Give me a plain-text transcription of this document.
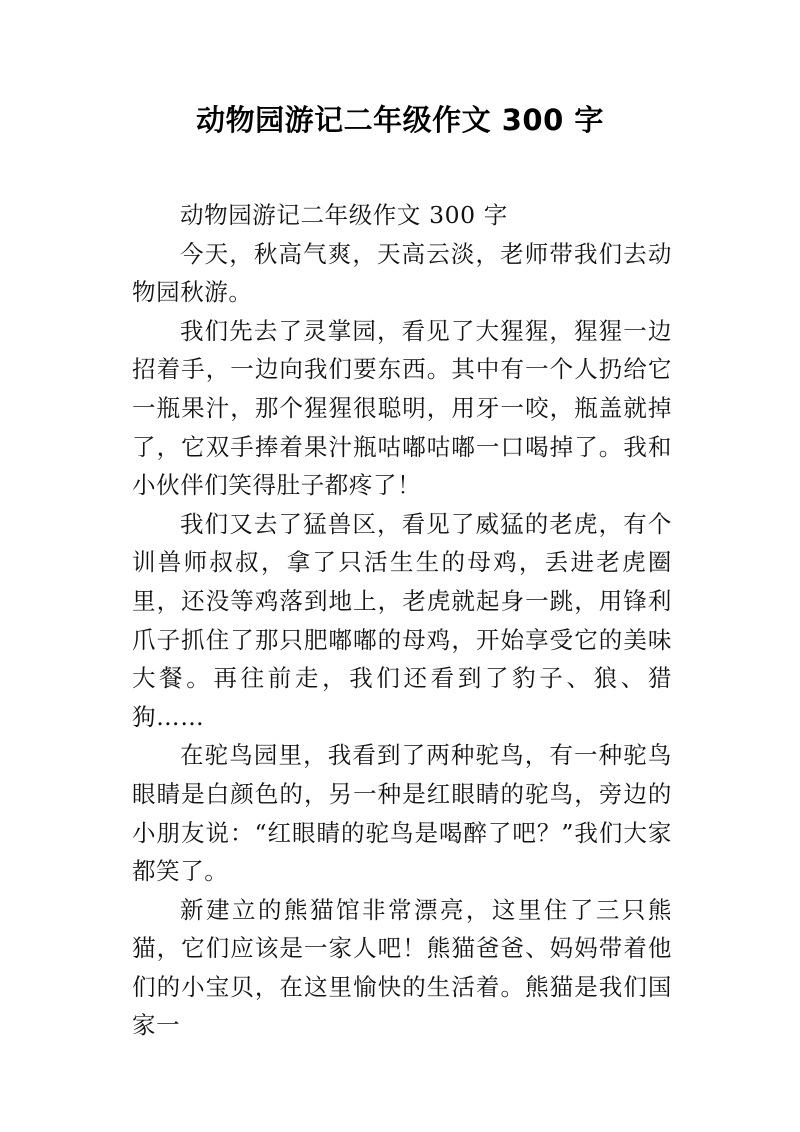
动物园游记二年级作文 300 字

动物园游记二年级作文 300 字

今天，秋高气爽，天高云淡，老师带我们去动物园秋游。

我们先去了灵掌园，看见了大猩猩，猩猩一边招着手，一边向我们要东西。其中有一个人扔给它一瓶果汁，那个猩猩很聪明，用牙一咬，瓶盖就掉了，它双手捧着果汁瓶咕嘟咕嘟一口喝掉了。我和小伙伴们笑得肚子都疼了！

我们又去了猛兽区，看见了威猛的老虎，有个训兽师叔叔，拿了只活生生的母鸡，丢进老虎圈里，还没等鸡落到地上，老虎就起身一跳，用锋利爪子抓住了那只肥嘟嘟的母鸡，开始享受它的美味大餐。再往前走，我们还看到了豹子、狼、猎狗……

在驼鸟园里，我看到了两种驼鸟，有一种驼鸟眼睛是白颜色的，另一种是红眼睛的驼鸟，旁边的小朋友说：“红眼睛的驼鸟是喝醉了吧？”我们大家都笑了。

新建立的熊猫馆非常漂亮，这里住了三只熊猫，它们应该是一家人吧！熊猫爸爸、妈妈带着他们的小宝贝，在这里愉快的生活着。熊猫是我们国家一
